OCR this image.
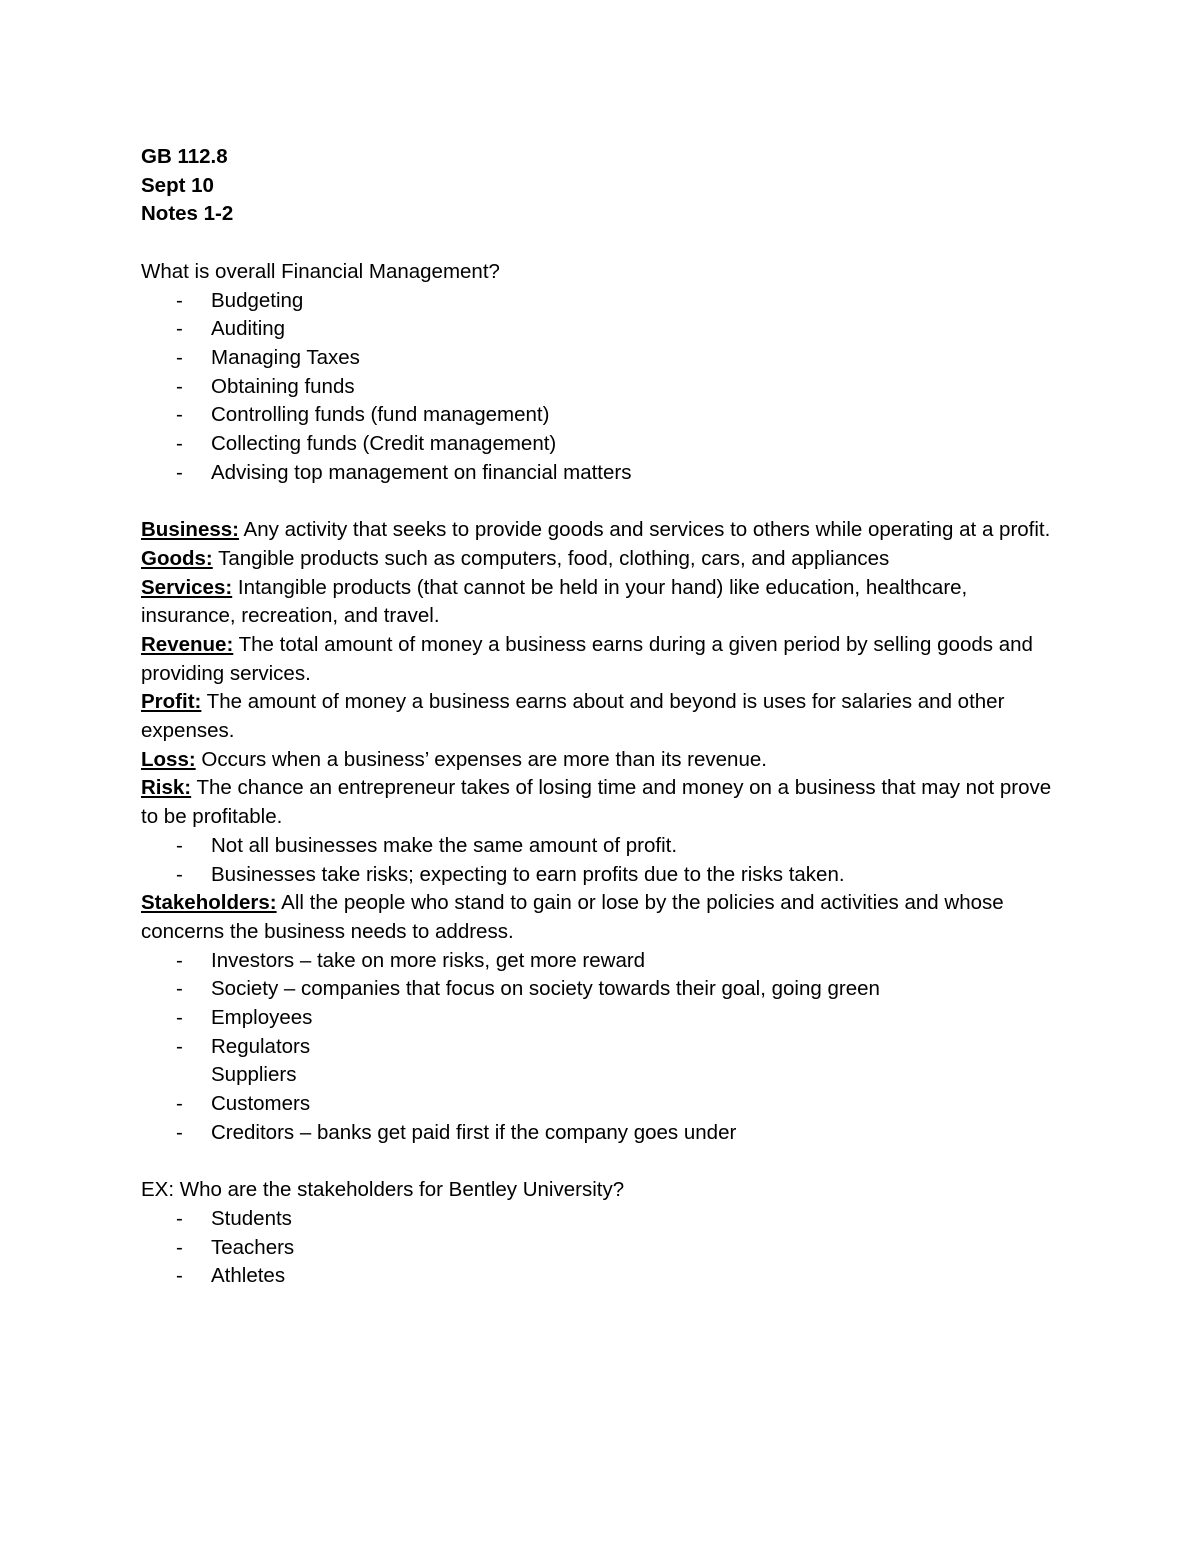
GB 112.8
Sept 10
Notes 1-2
What is overall Financial Management?
-	Budgeting
-	Auditing
-	Managing Taxes
-	Obtaining funds
-	Controlling funds (fund management)
-	Collecting funds (Credit management)
-	Advising top management on financial matters
Business: Any activity that seeks to provide goods and services to others while operating at a profit.
Goods: Tangible products such as computers, food, clothing, cars, and appliances
Services: Intangible products (that cannot be held in your hand) like education, healthcare, insurance, recreation, and travel.
Revenue: The total amount of money a business earns during a given period by selling goods and providing services.
Profit: The amount of money a business earns about and beyond is uses for salaries and other expenses.
Loss: Occurs when a business’ expenses are more than its revenue.
Risk: The chance an entrepreneur takes of losing time and money on a business that may not prove to be profitable.
-	Not all businesses make the same amount of profit.
-	Businesses take risks; expecting to earn profits due to the risks taken.
Stakeholders: All the people who stand to gain or lose by the policies and activities and whose concerns the business needs to address.
-	Investors – take on more risks, get more reward
-	Society – companies that focus on society towards their goal, going green
-	Employees
-	Regulators
Suppliers
-	Customers
-	Creditors – banks get paid first if the company goes under
EX: Who are the stakeholders for Bentley University?
-	Students
-	Teachers
-	Athletes
